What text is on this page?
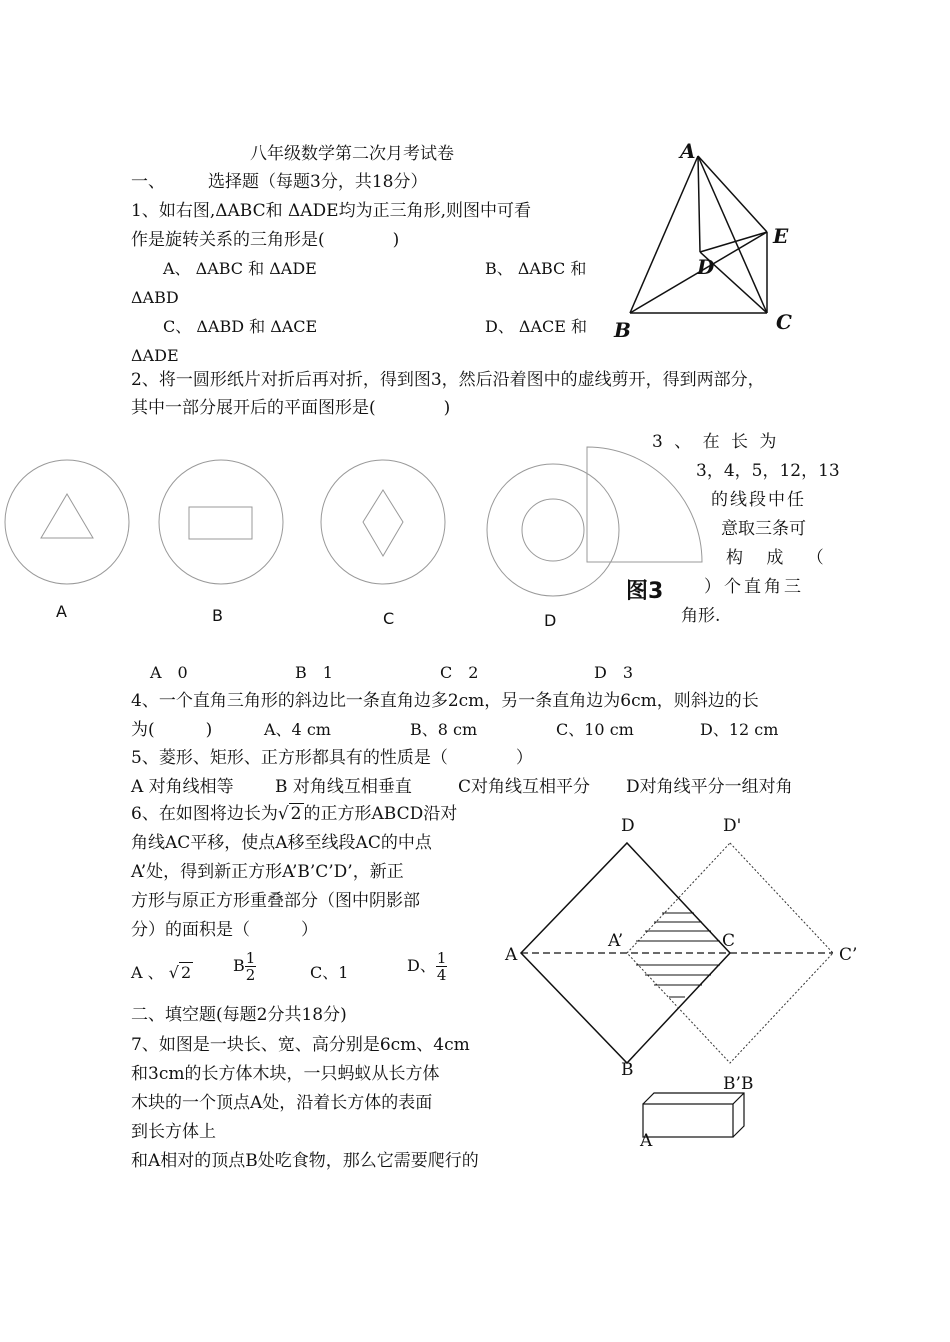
八年级数学第二次月考试卷
一、	选择题（每题3分，共18分）
1、如右图,ΔABC和 ΔADE均为正三角形,则图中可看
作是旋转关系的三角形是(　　　　)
A、 ΔABC 和 ΔADE	B、 ΔABC 和
ΔABD
C、 ΔABD 和 ΔACE	D、 ΔACE 和
ΔADE
A
E
D
B	C
2、将一圆形纸片对折后再对折，得到图3，然后沿着图中的虚线剪开，得到两部分，
其中一部分展开后的平面图形是(　　　　)
A	B	C	D
图3
3 、 在 长 为
3，4，5，12，13
的线段中任
意取三条可
构 成 （
）个直角三
角形.
A　0	B　1	C　2	D　3
4、一个直角三角形的斜边比一条直角边多2cm，另一条直角边为6cm，则斜边的长
为(　　　)	A、4 cm	B、8 cm	C、10 cm	D、12 cm
5、菱形、矩形、正方形都具有的性质是（　　　　）
A 对角线相等 B 对角线互相垂直	C对角线互相平分 D对角线平分一组对角
6、在如图将边长为√ 2 的正方形ABCD沿对
角线AC平移，使点A移至线段AC的中点
A’处，得到新正方形A’B’C’D’，新正
方形与原正方形重叠部分（图中阴影部
分）的面积是（　　　）
A 、 √ 2	B $\frac{1}{2}$	C、1	D、 $\frac{1}{4}$
D	D'
A’	C
A	C’
B
B’
二、填空题(每题2分共18分)
7、如图是一块长、宽、高分别是6cm、4cm
和3cm的长方体木块，一只蚂蚁从长方体
木块的一个顶点A处，沿着长方体的表面
到长方体上
和A相对的顶点B处吃食物，那么它需要爬行的
B
A
